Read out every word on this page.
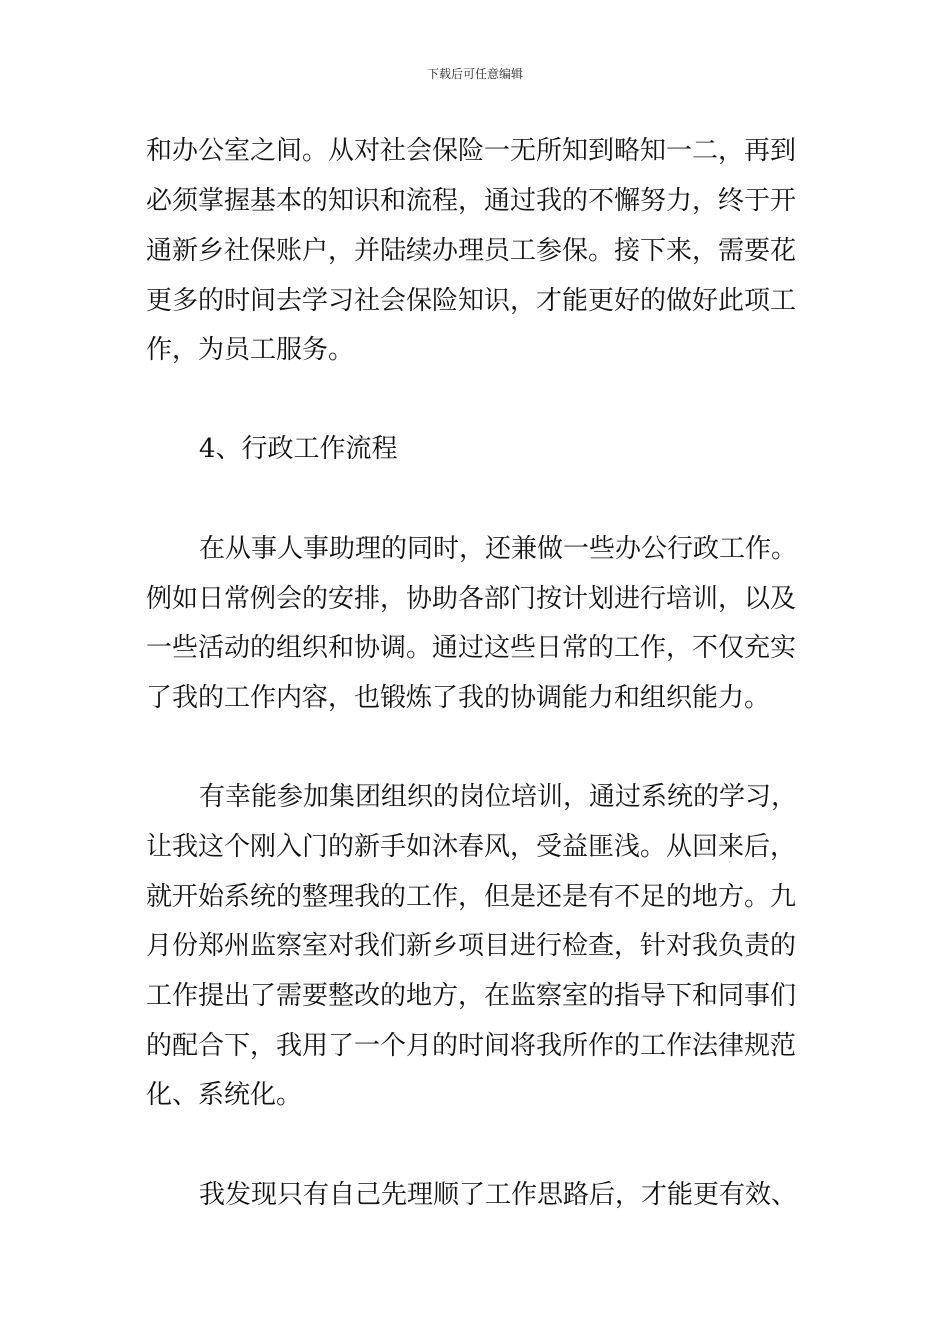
下载后可任意编辑
和办公室之间。从对社会保险一无所知到略知一二，再到
必须掌握基本的知识和流程，通过我的不懈努力，终于开
通新乡社保账户，并陆续办理员工参保。接下来，需要花
更多的时间去学习社会保险知识，才能更好的做好此项工
作，为员工服务。
4、行政工作流程
在从事人事助理的同时，还兼做一些办公行政工作。
例如日常例会的安排，协助各部门按计划进行培训，以及
一些活动的组织和协调。通过这些日常的工作，不仅充实
了我的工作内容，也锻炼了我的协调能力和组织能力。
有幸能参加集团组织的岗位培训，通过系统的学习，
让我这个刚入门的新手如沐春风，受益匪浅。从回来后，
就开始系统的整理我的工作，但是还是有不足的地方。九
月份郑州监察室对我们新乡项目进行检查，针对我负责的
工作提出了需要整改的地方，在监察室的指导下和同事们
的配合下，我用了一个月的时间将我所作的工作法律规范
化、系统化。
我发现只有自己先理顺了工作思路后，才能更有效、
